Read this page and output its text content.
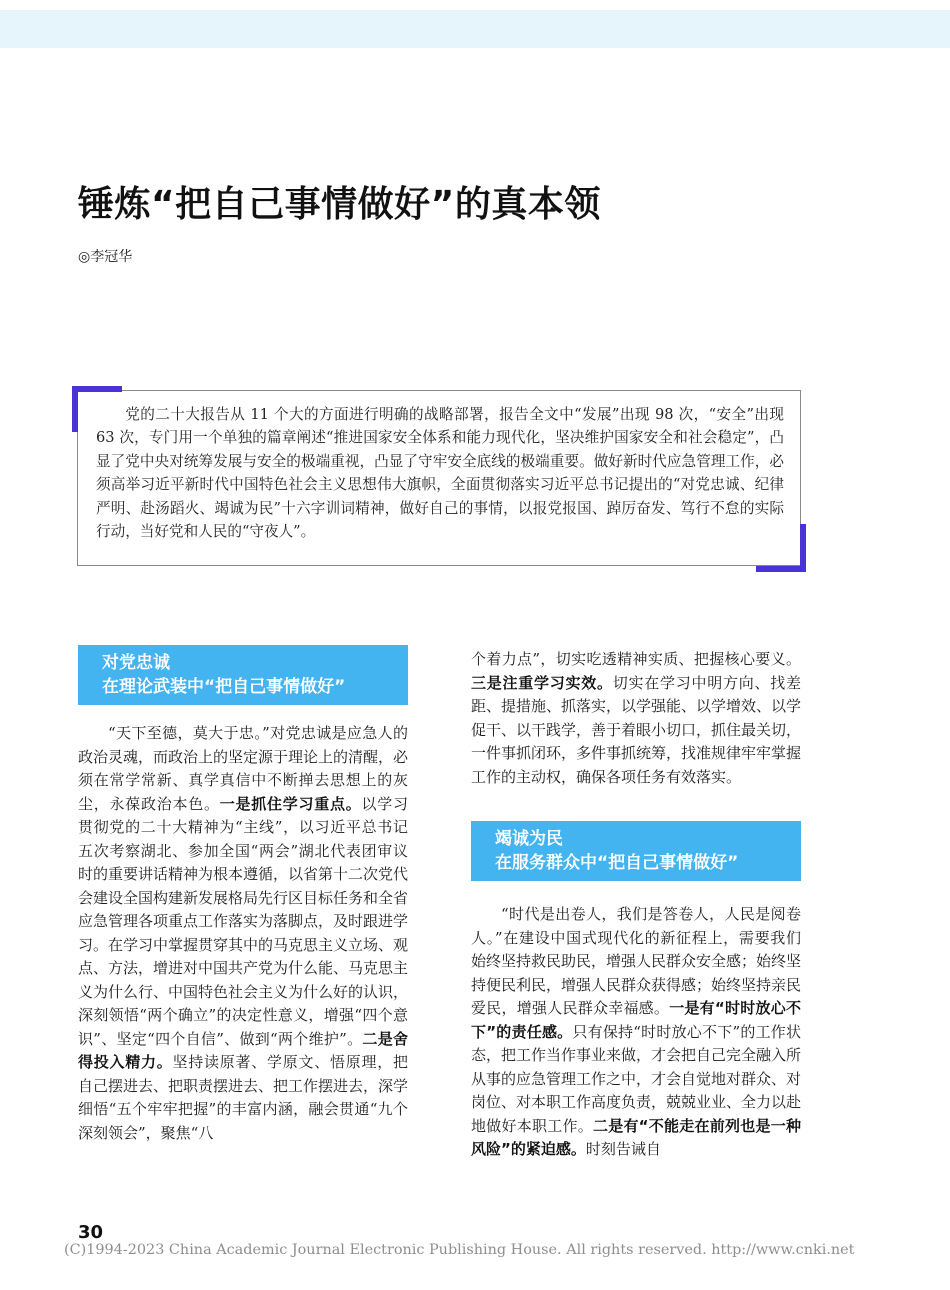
锤炼“把自己事情做好”的真本领
◎李冠华

党的二十大报告从 11 个大的方面进行明确的战略部署，报告全文中“发展”出现 98 次，“安全”出现 63 次，专门用一个单独的篇章阐述“推进国家安全体系和能力现代化，坚决维护国家安全和社会稳定”，凸显了党中央对统筹发展与安全的极端重视，凸显了守牢安全底线的极端重要。做好新时代应急管理工作，必须高举习近平新时代中国特色社会主义思想伟大旗帜，全面贯彻落实习近平总书记提出的“对党忠诚、纪律严明、赴汤蹈火、竭诚为民”十六字训词精神，做好自己的事情，以报党报国、踔厉奋发、笃行不怠的实际行动，当好党和人民的“守夜人”。

对党忠诚
在理论武装中“把自己事情做好”

“天下至德，莫大于忠。”对党忠诚是应急人的政治灵魂，而政治上的坚定源于理论上的清醒，必须在常学常新、真学真信中不断掸去思想上的灰尘，永葆政治本色。一是抓住学习重点。以学习贯彻党的二十大精神为“主线”，以习近平总书记五次考察湖北、参加全国“两会”湖北代表团审议时的重要讲话精神为根本遵循，以省第十二次党代会建设全国构建新发展格局先行区目标任务和全省应急管理各项重点工作落实为落脚点，及时跟进学习。在学习中掌握贯穿其中的马克思主义立场、观点、方法，增进对中国共产党为什么能、马克思主义为什么行、中国特色社会主义为什么好的认识，深刻领悟“两个确立”的决定性意义，增强“四个意识”、坚定“四个自信”、做到“两个维护”。二是舍得投入精力。坚持读原著、学原文、悟原理，把自己摆进去、把职责摆进去、把工作摆进去，深学细悟“五个牢牢把握”的丰富内涵，融会贯通“九个深刻领会”，聚焦“八

个着力点”，切实吃透精神实质、把握核心要义。三是注重学习实效。切实在学习中明方向、找差距、提措施、抓落实，以学强能、以学增效、以学促干、以干践学，善于着眼小切口，抓住最关切，一件事抓闭环，多件事抓统筹，找准规律牢牢掌握工作的主动权，确保各项任务有效落实。

竭诚为民
在服务群众中“把自己事情做好”

“时代是出卷人，我们是答卷人，人民是阅卷人。”在建设中国式现代化的新征程上，需要我们始终坚持救民助民，增强人民群众安全感；始终坚持便民利民，增强人民群众获得感；始终坚持亲民爱民，增强人民群众幸福感。一是有“时时放心不下”的责任感。只有保持“时时放心不下”的工作状态，把工作当作事业来做，才会把自己完全融入所从事的应急管理工作之中，才会自觉地对群众、对岗位、对本职工作高度负责，兢兢业业、全力以赴地做好本职工作。二是有“不能走在前列也是一种风险”的紧迫感。时刻告诫自

30
(C)1994-2023 China Academic Journal Electronic Publishing House. All rights reserved. http://www.cnki.net
